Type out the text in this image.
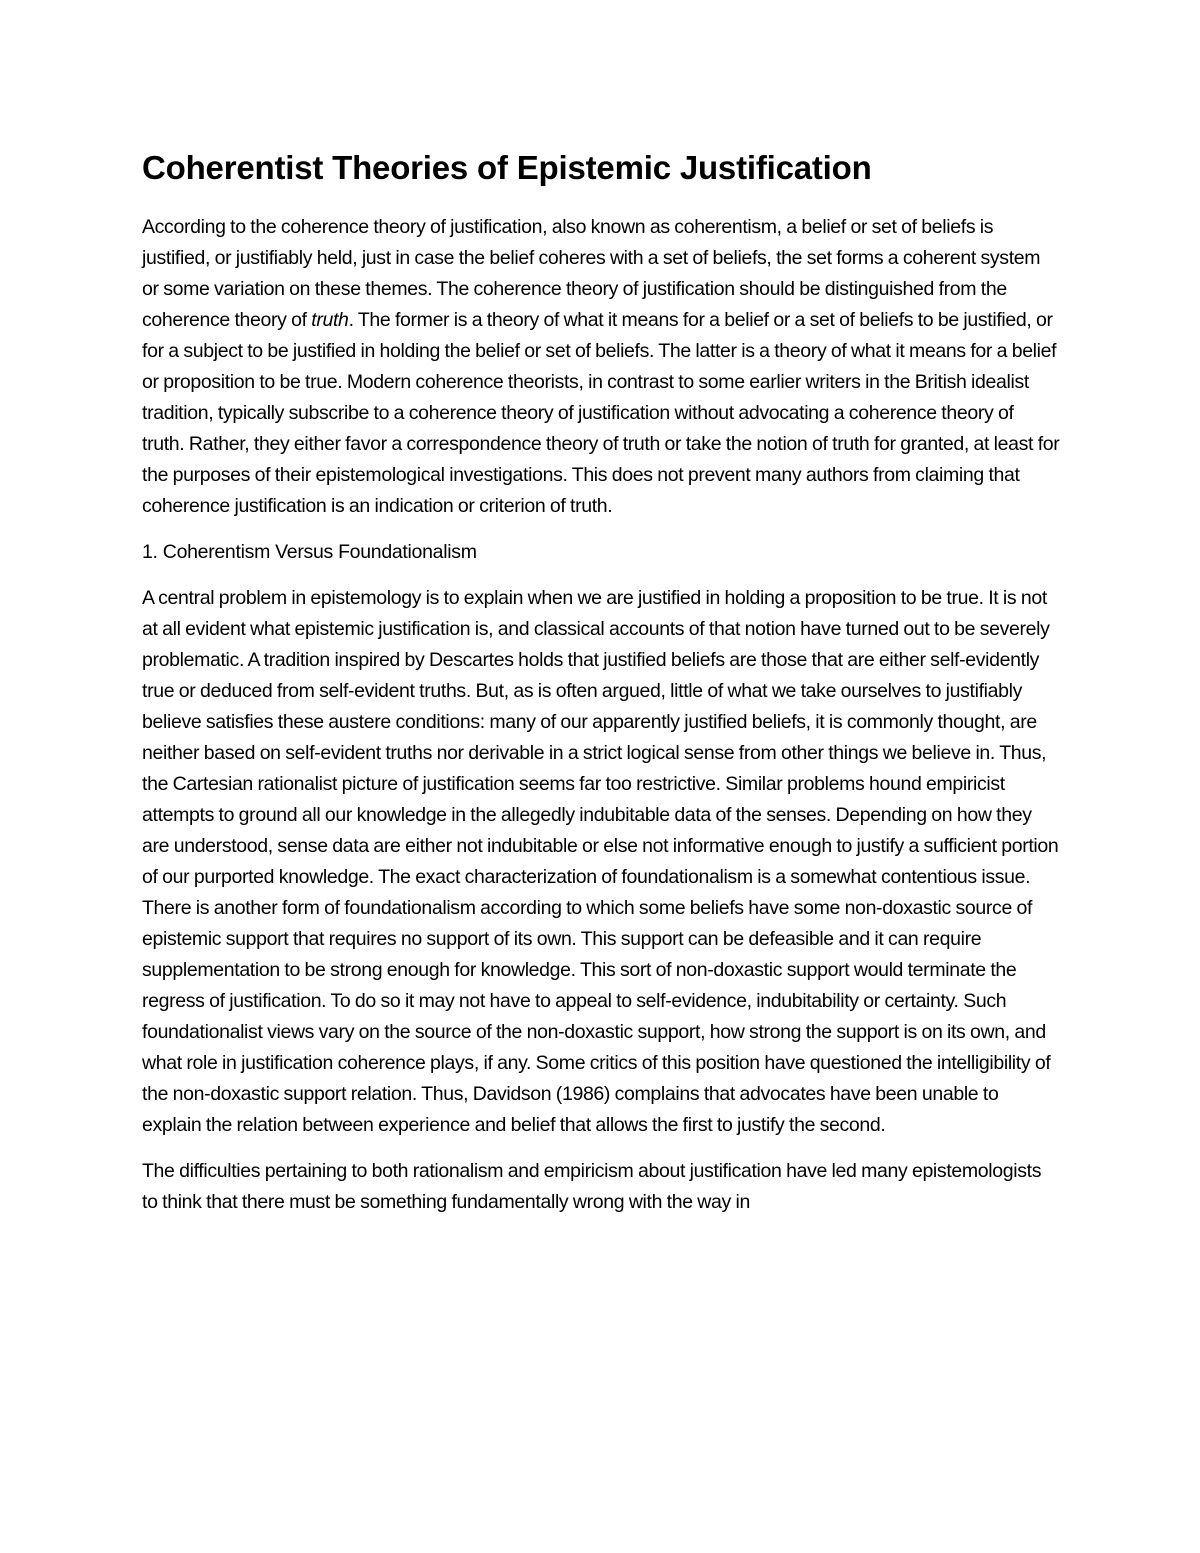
Coherentist Theories of Epistemic Justification

According to the coherence theory of justification, also known as coherentism, a belief or set of beliefs is justified, or justifiably held, just in case the belief coheres with a set of beliefs, the set forms a coherent system or some variation on these themes. The coherence theory of justification should be distinguished from the coherence theory of truth. The former is a theory of what it means for a belief or a set of beliefs to be justified, or for a subject to be justified in holding the belief or set of beliefs. The latter is a theory of what it means for a belief or proposition to be true. Modern coherence theorists, in contrast to some earlier writers in the British idealist tradition, typically subscribe to a coherence theory of justification without advocating a coherence theory of truth. Rather, they either favor a correspondence theory of truth or take the notion of truth for granted, at least for the purposes of their epistemological investigations. This does not prevent many authors from claiming that coherence justification is an indication or criterion of truth.

1. Coherentism Versus Foundationalism

A central problem in epistemology is to explain when we are justified in holding a proposition to be true. It is not at all evident what epistemic justification is, and classical accounts of that notion have turned out to be severely problematic. A tradition inspired by Descartes holds that justified beliefs are those that are either self-evidently true or deduced from self-evident truths. But, as is often argued, little of what we take ourselves to justifiably believe satisfies these austere conditions: many of our apparently justified beliefs, it is commonly thought, are neither based on self-evident truths nor derivable in a strict logical sense from other things we believe in. Thus, the Cartesian rationalist picture of justification seems far too restrictive. Similar problems hound empiricist attempts to ground all our knowledge in the allegedly indubitable data of the senses. Depending on how they are understood, sense data are either not indubitable or else not informative enough to justify a sufficient portion of our purported knowledge. The exact characterization of foundationalism is a somewhat contentious issue. There is another form of foundationalism according to which some beliefs have some non-doxastic source of epistemic support that requires no support of its own. This support can be defeasible and it can require supplementation to be strong enough for knowledge. This sort of non-doxastic support would terminate the regress of justification. To do so it may not have to appeal to self-evidence, indubitability or certainty. Such foundationalist views vary on the source of the non-doxastic support, how strong the support is on its own, and what role in justification coherence plays, if any. Some critics of this position have questioned the intelligibility of the non-doxastic support relation. Thus, Davidson (1986) complains that advocates have been unable to explain the relation between experience and belief that allows the first to justify the second.

The difficulties pertaining to both rationalism and empiricism about justification have led many epistemologists to think that there must be something fundamentally wrong with the way in
